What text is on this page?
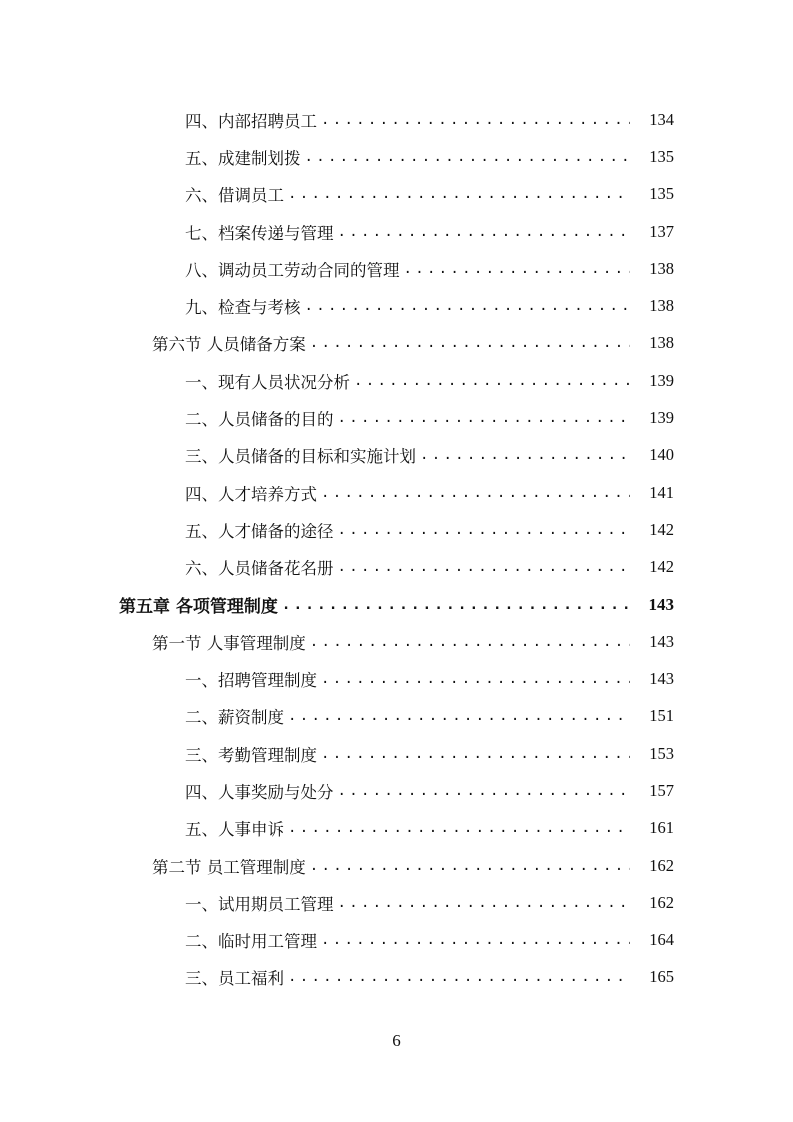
四、内部招聘员工 .....	134
五、成建制划拨 .....	135
六、借调员工 .....	135
七、档案传递与管理 .....	137
八、调动员工劳动合同的管理 .....	138
九、检查与考核 .....	138
第六节 人员储备方案 .....	138
一、现有人员状况分析 .....	139
二、人员储备的目的 .....	139
三、人员储备的目标和实施计划 .....	140
四、人才培养方式 .....	141
五、人才储备的途径 .....	142
六、人员储备花名册 .....	142
第五章 各项管理制度 .....	143
第一节 人事管理制度 .....	143
一、招聘管理制度 .....	143
二、薪资制度 .....	151
三、考勤管理制度 .....	153
四、人事奖励与处分 .....	157
五、人事申诉 .....	161
第二节 员工管理制度 .....	162
一、试用期员工管理 .....	162
二、临时用工管理 .....	164
三、员工福利 .....	165
6
